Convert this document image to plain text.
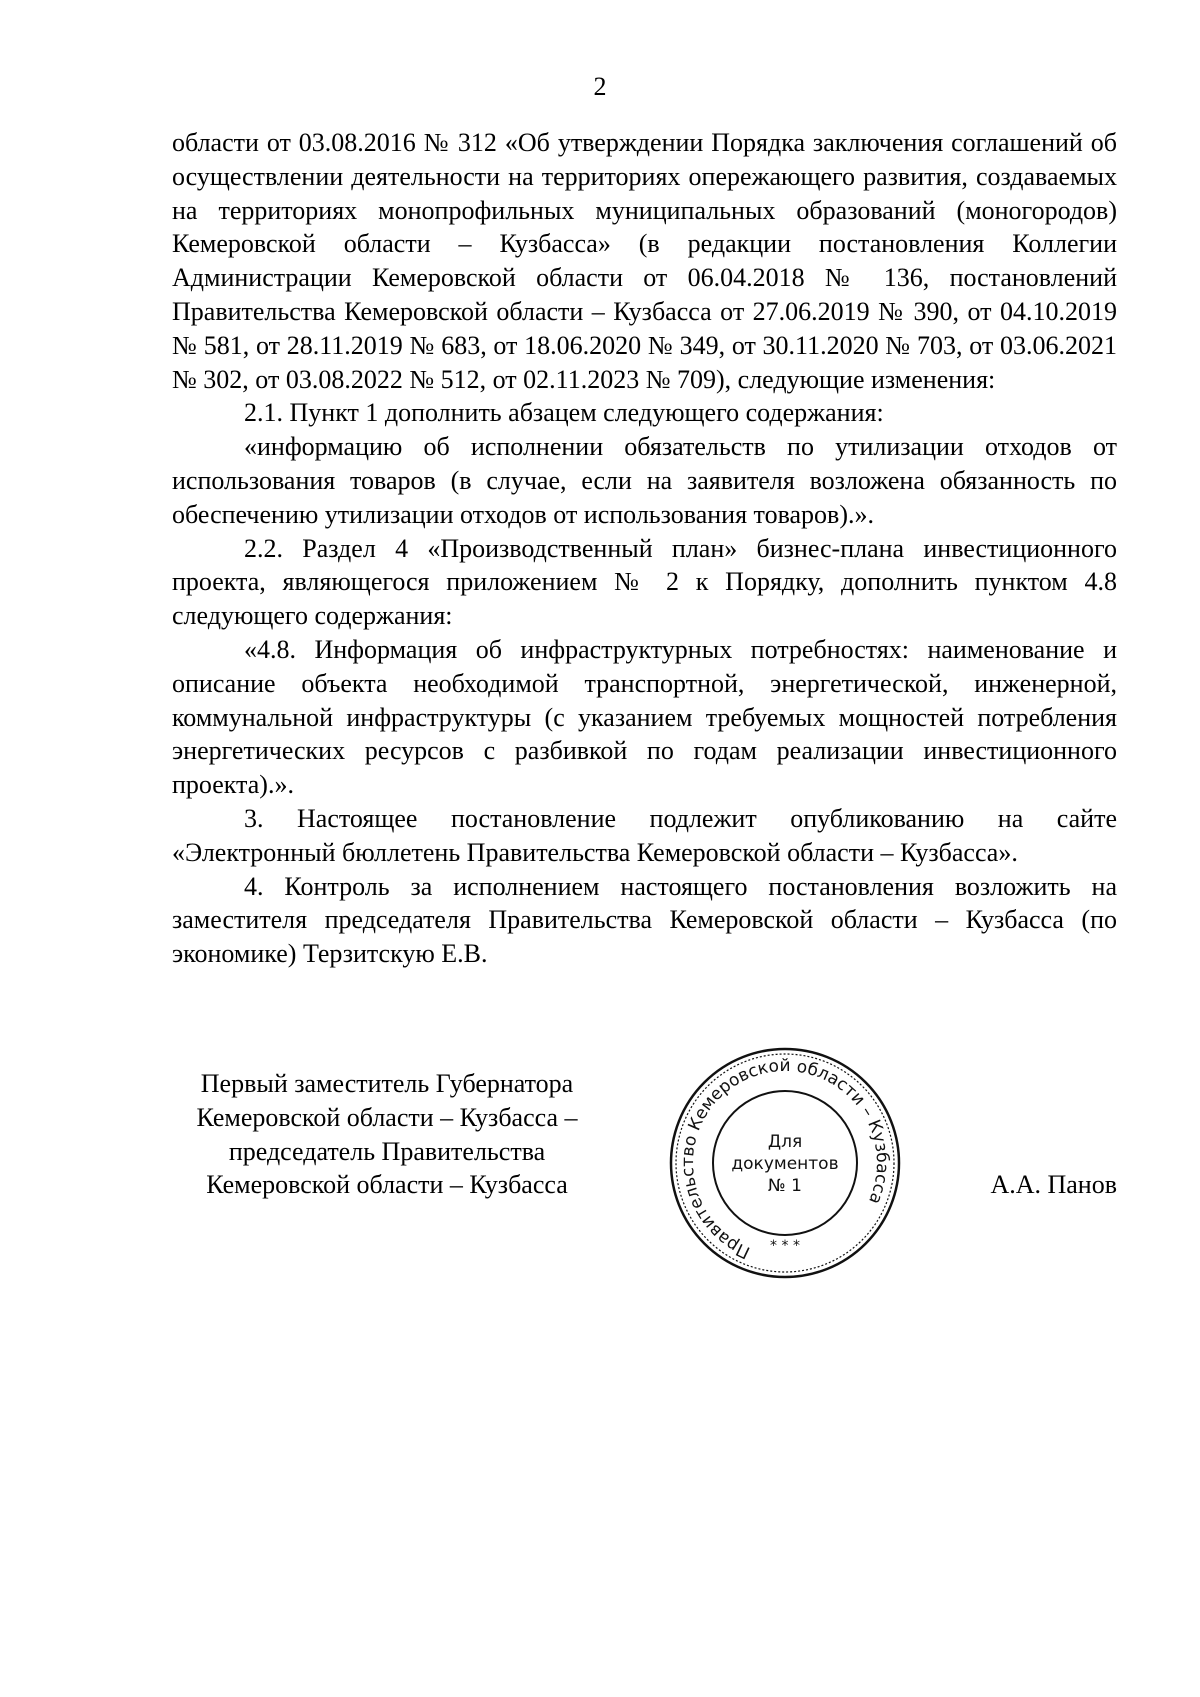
2

области от 03.08.2016 № 312 «Об утверждении Порядка заключения соглашений об осуществлении деятельности на территориях опережающего развития, создаваемых на территориях монопрофильных муниципальных образований (моногородов) Кемеровской области – Кузбасса» (в редакции постановления Коллегии Администрации Кемеровской области от 06.04.2018 № 136, постановлений Правительства Кемеровской области – Кузбасса от 27.06.2019 № 390, от 04.10.2019 № 581, от 28.11.2019 № 683, от 18.06.2020 № 349, от 30.11.2020 № 703, от 03.06.2021 № 302, от 03.08.2022 № 512, от 02.11.2023 № 709), следующие изменения:

2.1. Пункт 1 дополнить абзацем следующего содержания:

«информацию об исполнении обязательств по утилизации отходов от использования товаров (в случае, если на заявителя возложена обязанность по обеспечению утилизации отходов от использования товаров).».

2.2. Раздел 4 «Производственный план» бизнес-плана инвестиционного проекта, являющегося приложением № 2 к Порядку, дополнить пунктом 4.8 следующего содержания:

«4.8. Информация об инфраструктурных потребностях: наименование и описание объекта необходимой транспортной, энергетической, инженерной, коммунальной инфраструктуры (с указанием требуемых мощностей потребления энергетических ресурсов с разбивкой по годам реализации инвестиционного проекта).».

3. Настоящее постановление подлежит опубликованию на сайте «Электронный бюллетень Правительства Кемеровской области – Кузбасса».

4. Контроль за исполнением настоящего постановления возложить на заместителя председателя Правительства Кемеровской области – Кузбасса (по экономике) Терзитскую Е.В.

Первый заместитель Губернатора
Кемеровской области – Кузбасса –
председатель Правительства
Кемеровской области – Кузбасса
Правительство Кемеровской области – Кузбасса
* * *
Для
документов
№ 1	А.А. Панов
